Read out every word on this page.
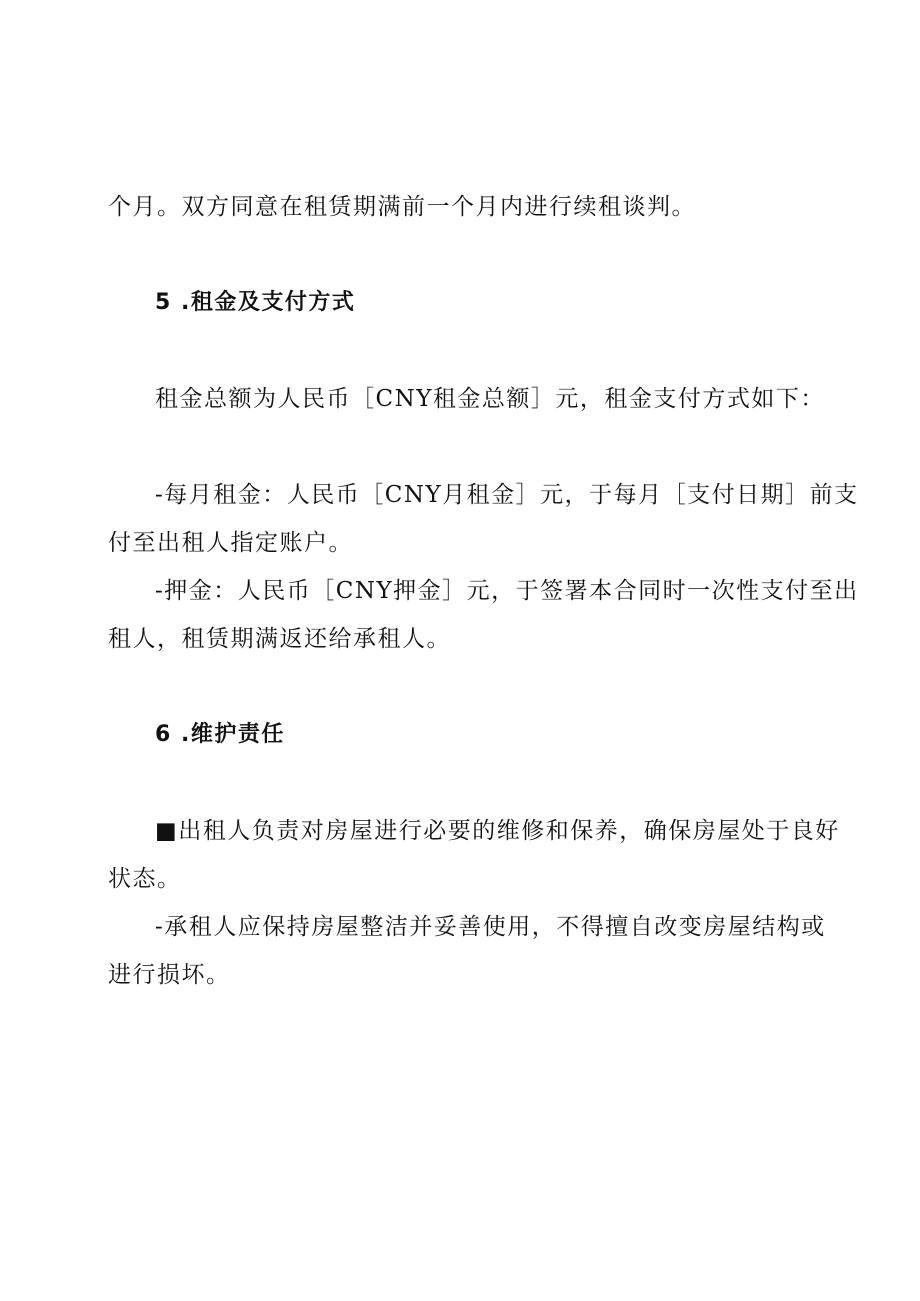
个月。双方同意在租赁期满前一个月内进行续租谈判。
5 .租金及支付方式
租金总额为人民币［CNY租金总额］元，租金支付方式如下：
-每月租金：人民币［CNY月租金］元，于每月［支付日期］前支
付至出租人指定账户。
-押金：人民币［CNY押金］元，于签署本合同时一次性支付至出
租人，租赁期满返还给承租人。
6 .维护责任
■出租人负责对房屋进行必要的维修和保养，确保房屋处于良好
状态。
-承租人应保持房屋整洁并妥善使用，不得擅自改变房屋结构或
进行损坏。
